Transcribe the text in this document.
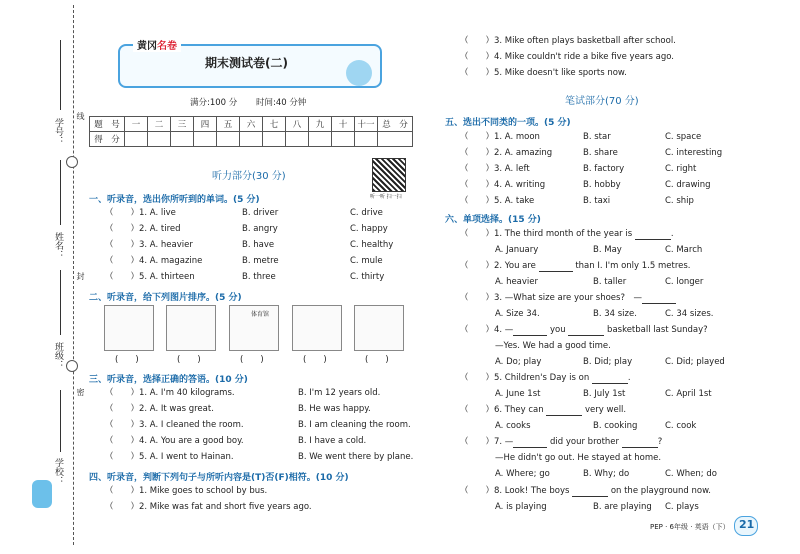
学号：
姓名：
班级：
学校：
线
封
密
黄冈名卷
期末测试卷(二)
满分:100 分 时间:40 分钟
题　号	一	二	三	四	五	六	七	八	九	十	十一	总　分
得　分												
听一听 扫一扫
听力部分(30 分)
一、听录音，选出你所听到的单词。(5 分)
（　　）1. A. live	B. driver	C. drive
（　　）2. A. tired	B. angry	C. happy
（　　）3. A. heavier	B. have	C. healthy
（　　）4. A. magazine	B. metre	C. mule
（　　）5. A. thirteen	B. three	C. thirty
二、听录音，给下列图片排序。(5 分)
体育馆
(　　)	(　　)	(　　)	(　　)	(　　)
三、听录音，选择正确的答语。(10 分)
（　　）1. A. I'm 40 kilograms.	B. I'm 12 years old.
（　　）2. A. It was great.	B. He was happy.
（　　）3. A. I cleaned the room.	B. I am cleaning the room.
（　　）4. A. You are a good boy.	B. I have a cold.
（　　）5. A. I went to Hainan.	B. We went there by plane.
四、听录音，判断下列句子与所听内容是(T)否(F)相符。(10 分)
（　　）1. Mike goes to school by bus.
（　　）2. Mike was fat and short five years ago.
（　　）3. Mike often plays basketball after school.
（　　）4. Mike couldn't ride a bike five years ago.
（　　）5. Mike doesn't like sports now.
笔试部分(70 分)
五、选出不同类的一项。(5 分)
（　　）1. A. moon	B. star	C. space
（　　）2. A. amazing	B. share	C. interesting
（　　）3. A. left	B. factory	C. right
（　　）4. A. writing	B. hobby	C. drawing
（　　）5. A. take	B. taxi	C. ship
六、单项选择。(15 分)
（　　）1. The third month of the year is	.
A. January	B. May	C. March
（　　）2. You are	than I. I'm only 1.5 metres.
A. heavier	B. taller	C. longer
（　　）3. —What size are your shoes?　—
A. Size 34.	B. 34 size.	C. 34 sizes.
（　　）4. —	you	basketball last Sunday?
—Yes. We had a good time.
A. Do; play	B. Did; play	C. Did; played
（　　）5. Children's Day is on	.
A. June 1st	B. July 1st	C. April 1st
（　　）6. They can	very well.
A. cooks	B. cooking	C. cook
（　　）7. —	did your brother	?
—He didn't go out. He stayed at home.
A. Where; go	B. Why; do	C. When; do
（　　）8. Look! The boys	on the playground now.
A. is playing	B. are playing C. plays
PEP · 6年级 · 英语（下） 21
